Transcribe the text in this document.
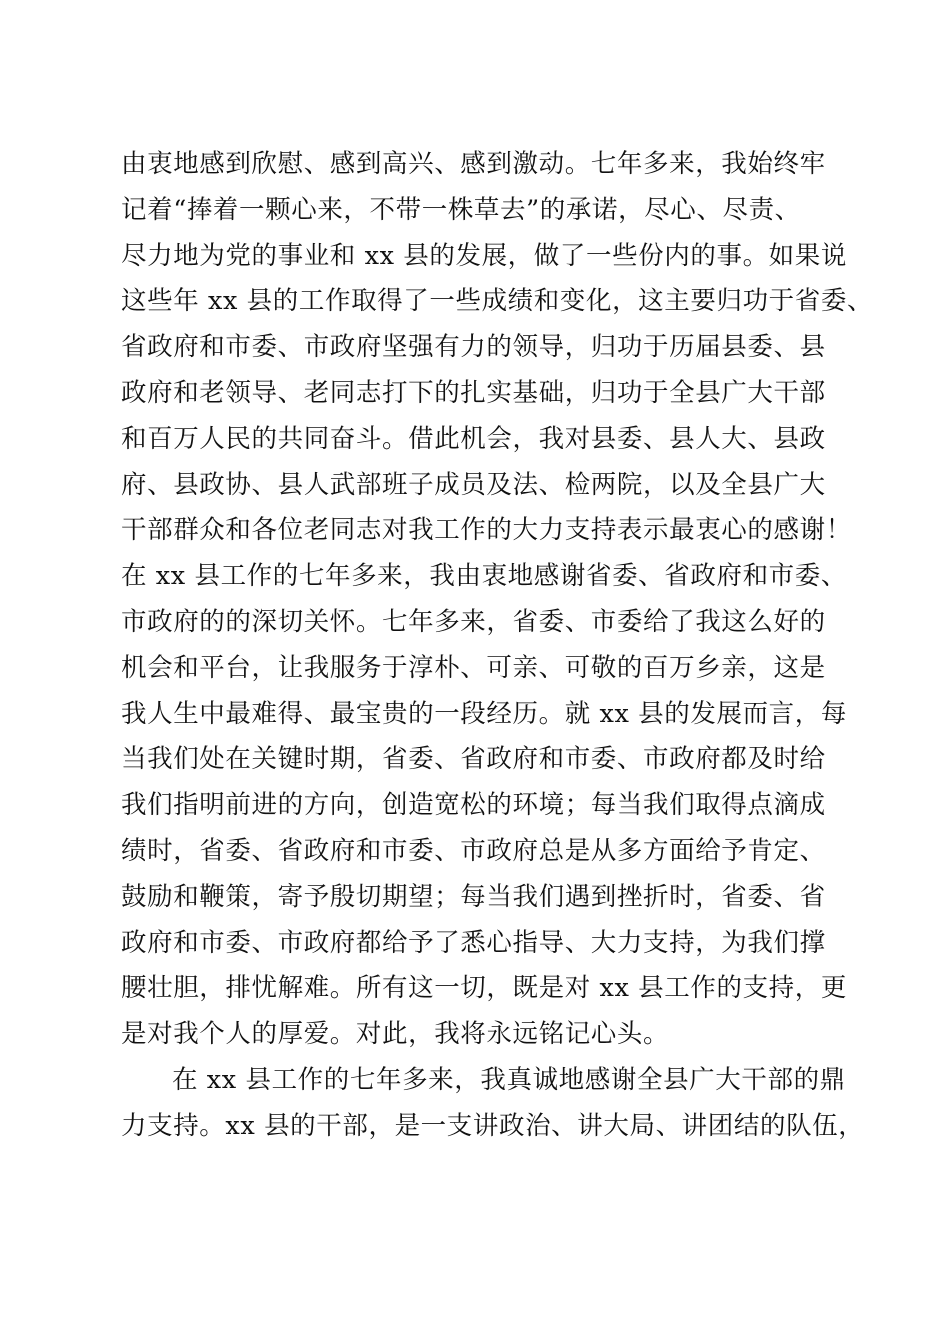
由衷地感到欣慰、感到高兴、感到激动。七年多来，我始终牢
记着“捧着一颗心来，不带一株草去”的承诺，尽心、尽责、
尽力地为党的事业和 xx 县的发展，做了一些份内的事。如果说
这些年 xx 县的工作取得了一些成绩和变化，这主要归功于省委、
省政府和市委、市政府坚强有力的领导，归功于历届县委、县
政府和老领导、老同志打下的扎实基础，归功于全县广大干部
和百万人民的共同奋斗。借此机会，我对县委、县人大、县政
府、县政协、县人武部班子成员及法、检两院，以及全县广大
干部群众和各位老同志对我工作的大力支持表示最衷心的感谢！
在 xx 县工作的七年多来，我由衷地感谢省委、省政府和市委、
市政府的的深切关怀。七年多来，省委、市委给了我这么好的
机会和平台，让我服务于淳朴、可亲、可敬的百万乡亲，这是
我人生中最难得、最宝贵的一段经历。就 xx 县的发展而言，每
当我们处在关键时期，省委、省政府和市委、市政府都及时给
我们指明前进的方向，创造宽松的环境；每当我们取得点滴成
绩时，省委、省政府和市委、市政府总是从多方面给予肯定、
鼓励和鞭策，寄予殷切期望；每当我们遇到挫折时，省委、省
政府和市委、市政府都给予了悉心指导、大力支持，为我们撑
腰壮胆，排忧解难。所有这一切，既是对 xx 县工作的支持，更
是对我个人的厚爱。对此，我将永远铭记心头。
在 xx 县工作的七年多来，我真诚地感谢全县广大干部的鼎
力支持。xx 县的干部，是一支讲政治、讲大局、讲团结的队伍，
